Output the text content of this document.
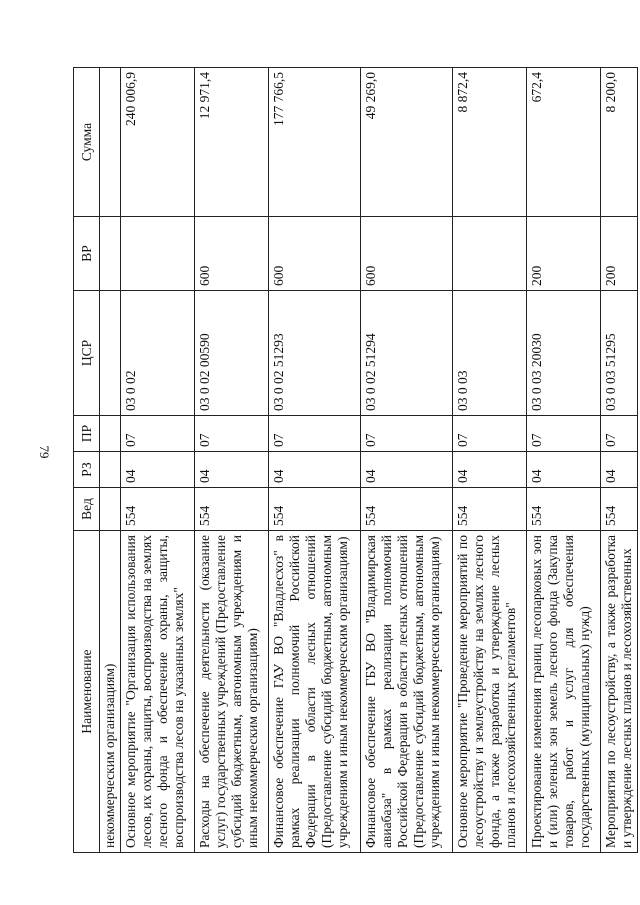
79
Наименование	Вед	РЗ	ПР	ЦСР	ВР	Сумма
некоммерческим организациям)						
Основное мероприятие "Организация использования лесов, их охраны, защиты, воспроизводства на землях лесного фонда и обеспечение охраны, защиты, воспроизводства лесов на указанных землях"	554	04	07	03 0 02		240 006,9
Расходы на обеспечение деятельности (оказание услуг) государственных учреждений (Предоставление субсидий бюджетным, автономным учреждениям и иным некоммерческим организациям)	554	04	07	03 0 02 00590	600	12 971,4
Финансовое обеспечение ГАУ ВО "Владлесхоз" в рамках реализации полномочий Российской Федерации в области лесных отношений (Предоставление субсидий бюджетным, автономным учреждениям и иным некоммерческим организациям)	554	04	07	03 0 02 51293	600	177 766,5
Финансовое обеспечение ГБУ ВО "Владимирская авиабаза" в рамках реализации полномочий Российской Федерации в области лесных отношений (Предоставление субсидий бюджетным, автономным учреждениям и иным некоммерческим организациям)	554	04	07	03 0 02 51294	600	49 269,0
Основное мероприятие "Проведение мероприятий по лесоустройству и землеустройству на землях лесного фонда, а также разработка и утверждение лесных планов и лесохозяйственных регламентов"	554	04	07	03 0 03		8 872,4
Проектирование изменения границ лесопарковых зон и (или) зеленых зон земель лесного фонда (Закупка товаров, работ и услуг для обеспечения государственных (муниципальных) нужд)	554	04	07	03 0 03 20030	200	672,4
Мероприятия по лесоустройству, а также разработка и утверждение лесных планов и лесохозяйственных	554	04	07	03 0 03 51295	200	8 200,0
